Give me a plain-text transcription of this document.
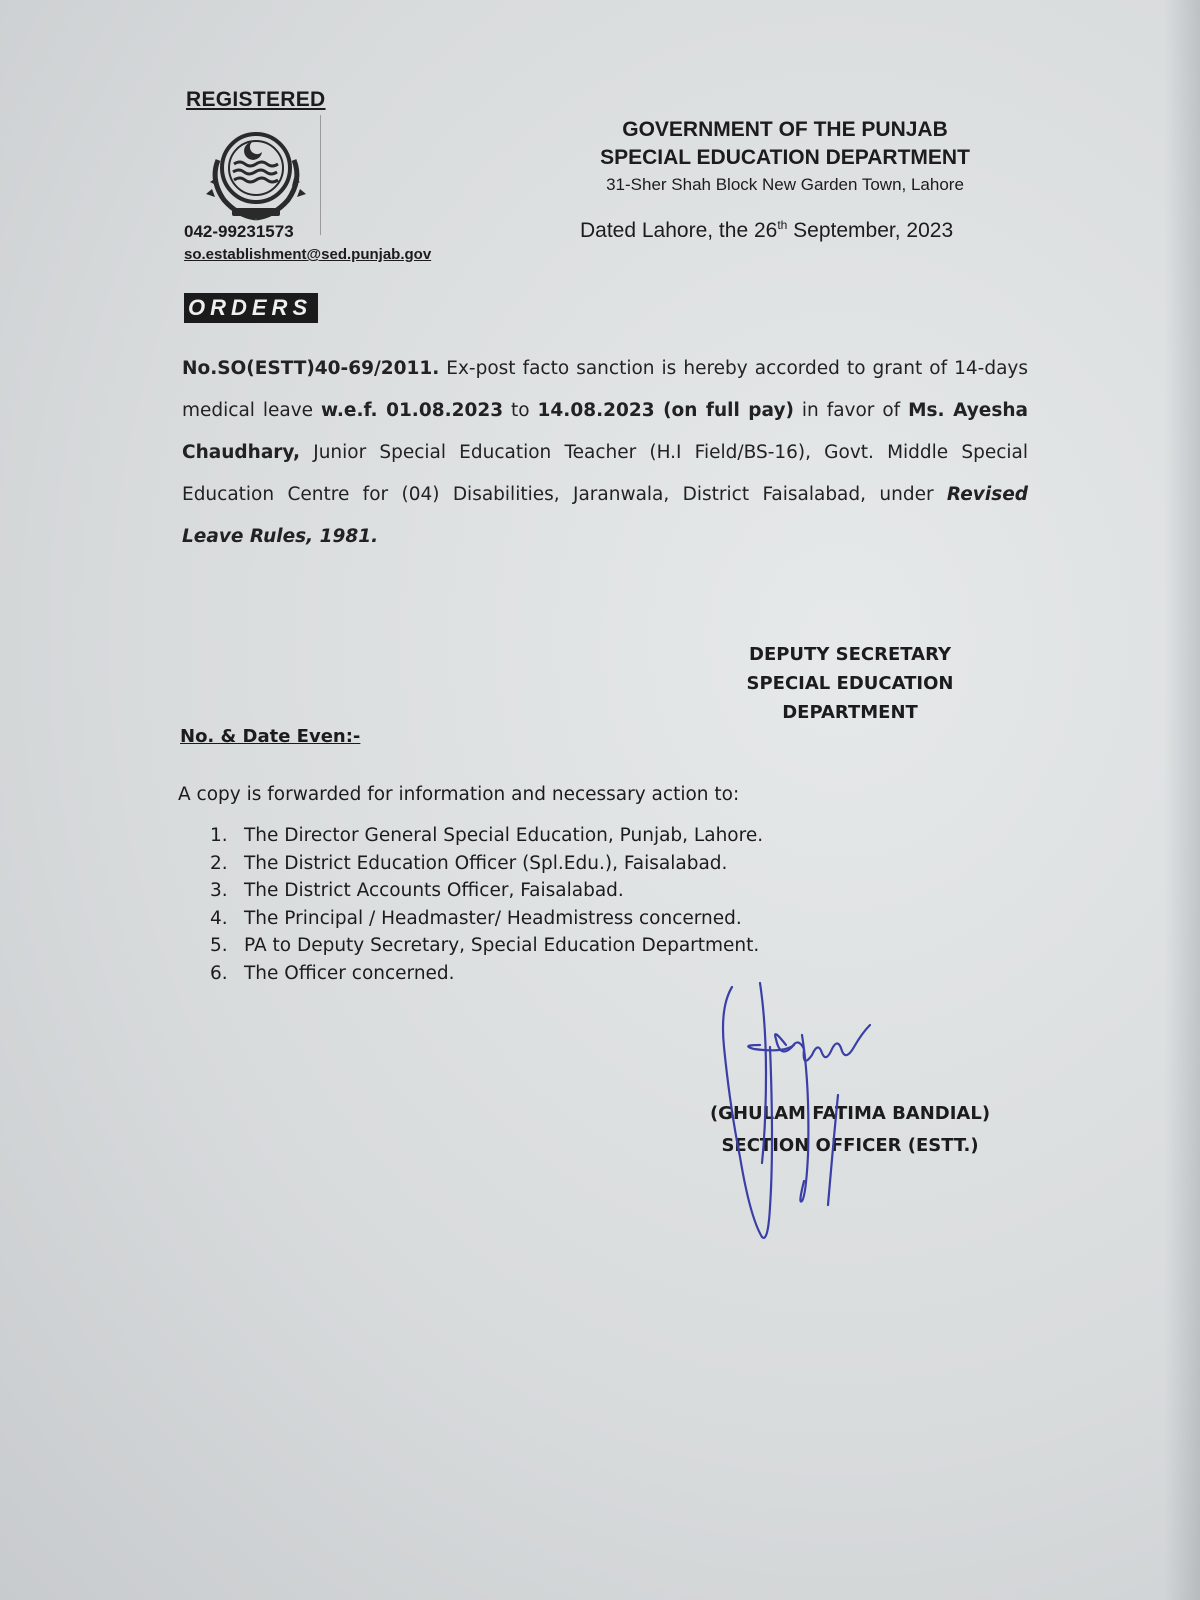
REGISTERED
042-99231573
so.establishment@sed.punjab.gov
GOVERNMENT OF THE PUNJAB
SPECIAL EDUCATION DEPARTMENT
31-Sher Shah Block New Garden Town, Lahore
Dated Lahore, the 26th September, 2023
ORDERS
No.SO(ESTT)40-69/2011. Ex-post facto sanction is hereby accorded to grant of 14-days medical leave w.e.f. 01.08.2023 to 14.08.2023 (on full pay) in favor of Ms. Ayesha Chaudhary, Junior Special Education Teacher (H.I Field/BS-16), Govt. Middle Special Education Centre for (04) Disabilities, Jaranwala, District Faisalabad, under Revised Leave Rules, 1981.
DEPUTY SECRETARY
SPECIAL EDUCATION
DEPARTMENT
No. & Date Even:-
A copy is forwarded for information and necessary action to:
1. The Director General Special Education, Punjab, Lahore.
2. The District Education Officer (Spl.Edu.), Faisalabad.
3. The District Accounts Officer, Faisalabad.
4. The Principal / Headmaster/ Headmistress concerned.
5. PA to Deputy Secretary, Special Education Department.
6. The Officer concerned.
(GHULAM FATIMA BANDIAL)
SECTION OFFICER (ESTT.)
